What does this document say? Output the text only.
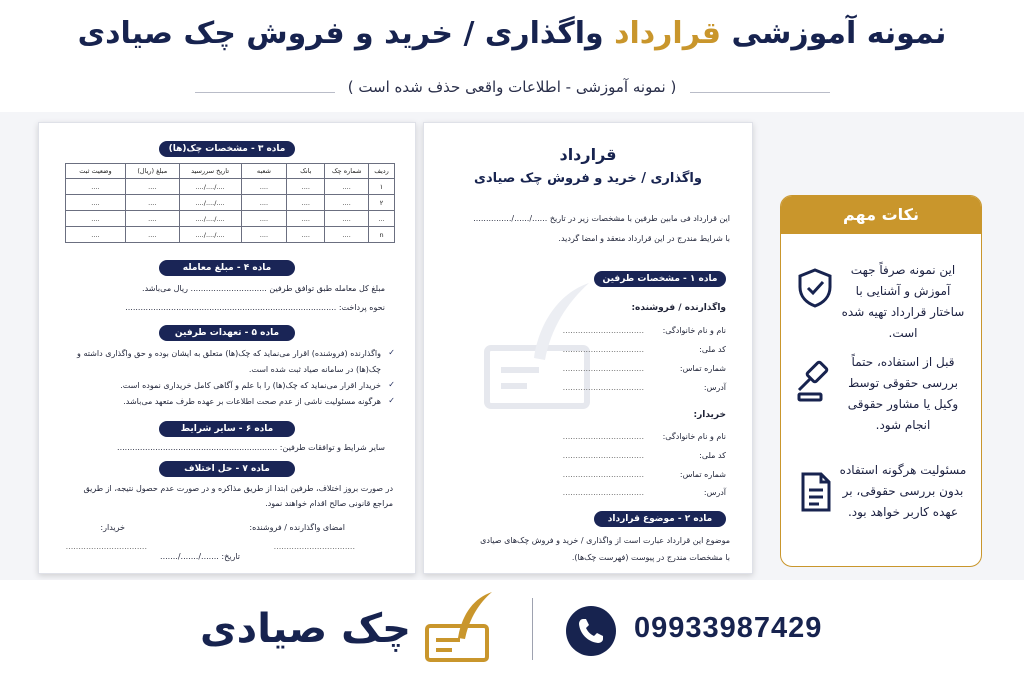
نمونه آموزشی قرارداد واگذاری / خرید و فروش چک صیادی
( نمونه آموزشی - اطلاعات واقعی حذف شده است )
ماده ۳ - مشخصات چک(ها)
ردیف	شماره چک	بانک	شعبه	تاریخ سررسید	مبلغ (ریال)	وضعیت ثبت
۱	....	....	....	..../..../....	....	....
۲	....	....	....	..../..../....	....	....
...	....	....	....	..../..../....	....	....
n	....	....	....	..../..../....	....	....
ماده ۴ - مبلغ معامله
مبلغ کل معامله طبق توافق طرفین .............................. ریال می‌باشد.
نحوه پرداخت: ...................................................................................
ماده ۵ - تعهدات طرفین
✓
واگذارنده (فروشنده) اقرار می‌نماید که چک(ها) متعلق به ایشان بوده و حق واگذاری داشته و
چک(ها) در سامانه صیاد ثبت شده است.
✓
خریدار اقرار می‌نماید که چک(ها) را با علم و آگاهی کامل خریداری نموده است.
✓
هرگونه مسئولیت ناشی از عدم صحت اطلاعات بر عهده طرف متعهد می‌باشد.
ماده ۶ - سایر شرایط
سایر شرایط و توافقات طرفین: ...............................................................
ماده ۷ - حل اختلاف
در صورت بروز اختلاف، طرفین ابتدا از طریق مذاکره و در صورت عدم حصول نتیجه، از طریق
مراجع قانونی صالح اقدام خواهند نمود.
امضای واگذارنده / فروشنده:
خریدار:
................................
................................
تاریخ: ......./......./.......
قرارداد
واگذاری / خرید و فروش چک صیادی
این قرارداد فی مابین طرفین با مشخصات زیر در تاریخ ....../....../...............
با شرایط مندرج در این قرارداد منعقد و امضا گردید.
ماده ۱ - مشخصات طرفین
واگذارنده / فروشنده:
نام و نام خانوادگی:
................................
کد ملی:
................................
شماره تماس:
................................
آدرس:
................................
خریدار:
نام و نام خانوادگی:
................................
کد ملی:
................................
شماره تماس:
................................
آدرس:
................................
ماده ۲ - موضوع قرارداد
موضوع این قرارداد عبارت است از واگذاری / خرید و فروش چک‌های صیادی
با مشخصات مندرج در پیوست (فهرست چک‌ها).
نکات مهم
این نمونه صرفاً جهت آموزش و آشنایی با ساختار قرارداد تهیه شده است.
قبل از استفاده، حتماً بررسی حقوقی توسط وکیل یا مشاور حقوقی انجام شود.
مسئولیت هرگونه استفاده بدون بررسی حقوقی، بر عهده کاربر خواهد بود.
چک صیادی	09933987429
